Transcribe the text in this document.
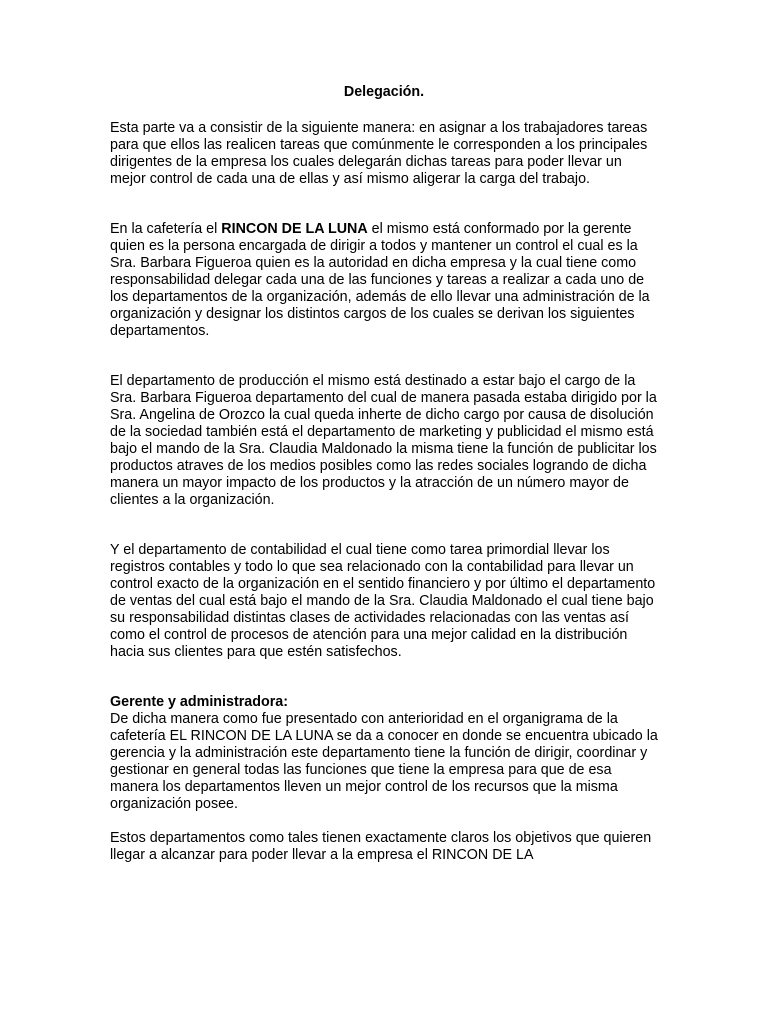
Delegación.

Esta parte va a consistir de la siguiente manera: en asignar a los trabajadores tareas para que ellos las realicen tareas que comúnmente le corresponden a los principales dirigentes de la empresa los cuales delegarán dichas tareas para poder llevar un mejor control de cada una de ellas y así mismo aligerar la carga del trabajo.

En la cafetería el RINCON DE LA LUNA el mismo está conformado por la gerente quien es la persona encargada de dirigir a todos y mantener un control el cual es la Sra. Barbara Figueroa quien es la autoridad en dicha empresa y la cual tiene como responsabilidad delegar cada una de las funciones y tareas a realizar a cada uno de los departamentos de la organización, además de ello llevar una administración de la organización y designar los distintos cargos de los cuales se derivan los siguientes departamentos.

El departamento de producción el mismo está destinado a estar bajo el cargo de la Sra. Barbara Figueroa departamento del cual de manera pasada estaba dirigido por la Sra. Angelina de Orozco la cual queda inherte de dicho cargo por causa de disolución de la sociedad también está el departamento de marketing y publicidad el mismo está bajo el mando de la Sra. Claudia Maldonado la misma tiene la función de publicitar los productos atraves de los medios posibles como las redes sociales logrando de dicha manera un mayor impacto de los productos y la atracción de un número mayor de clientes a la organización.

Y el departamento de contabilidad el cual tiene como tarea primordial llevar los registros contables y todo lo que sea relacionado con la contabilidad para llevar un control exacto de la organización en el sentido financiero y por último el departamento de ventas del cual está bajo el mando de la Sra. Claudia Maldonado el cual tiene bajo su responsabilidad distintas clases de actividades relacionadas con las ventas así como el control de procesos de atención para una mejor calidad en la distribución hacia sus clientes para que estén satisfechos.

Gerente y administradora:

De dicha manera como fue presentado con anterioridad en el organigrama de la cafetería EL RINCON DE LA LUNA se da a conocer en donde se encuentra ubicado la gerencia y la administración este departamento tiene la función de dirigir, coordinar y gestionar en general todas las funciones que tiene la empresa para que de esa manera los departamentos lleven un mejor control de los recursos que la misma organización posee.

Estos departamentos como tales tienen exactamente claros los objetivos que quieren llegar a alcanzar para poder llevar a la empresa el RINCON DE LA
